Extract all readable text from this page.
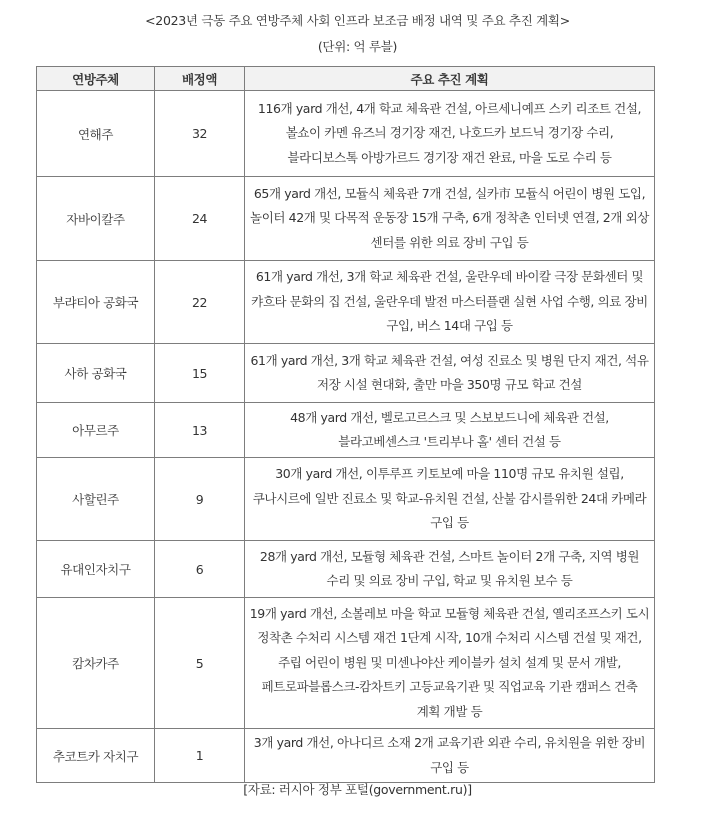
<2023년 극동 주요 연방주체 사회 인프라 보조금 배정 내역 및 주요 추진 계획>
(단위: 억 루블)
연방주체	배정액	주요 추진 계획
연해주	32	116개 yard 개선, 4개 학교 체육관 건설, 아르세니예프 스키 리조트 건설, 볼쇼이 카멘 유즈늬 경기장 재건, 나호드카 보드닉 경기장 수리, 블라디보스톡 아방가르드 경기장 재건 완료, 마을 도로 수리 등
자바이칼주	24	65개 yard 개선, 모듈식 체육관 7개 건설, 실카市 모듈식 어린이 병원 도입, 놀이터 42개 및 다목적 운동장 15개 구축, 6개 정착촌 인터넷 연결, 2개 외상 센터를 위한 의료 장비 구입 등
부랴티아 공화국	22	61개 yard 개선, 3개 학교 체육관 건설, 울란우데 바이칼 극장 문화센터 및 캬흐타 문화의 집 건설, 울란우데 발전 마스터플랜 실현 사업 수행, 의료 장비 구입, 버스 14대 구입 등
사하 공화국	15	61개 yard 개선, 3개 학교 체육관 건설, 여성 진료소 및 병원 단지 재건, 석유 저장 시설 현대화, 출만 마을 350명 규모 학교 건설
아무르주	13	48개 yard 개선, 벨로고르스크 및 스보보드니에 체육관 건설, 블라고베센스크 '트리부나 홀' 센터 건설 등
사할린주	9	30개 yard 개선, 이투루프 키토보예 마을 110명 규모 유치원 설립, 쿠나시르에 일반 진료소 및 학교-유치원 건설, 산불 감시를위한 24대 카메라 구입 등
유대인자치구	6	28개 yard 개선, 모듈형 체육관 건설, 스마트 놀이터 2개 구축, 지역 병원 수리 및 의료 장비 구입, 학교 및 유치원 보수 등
캄차카주	5	19개 yard 개선, 소볼레보 마을 학교 모듈형 체육관 건설, 옐리조프스키 도시 정착촌 수처리 시스템 재건 1단계 시작, 10개 수처리 시스템 건설 및 재건, 주립 어린이 병원 및 미센나야산 케이블카 설치 설계 및 문서 개발, 페트로파블롭스크-캄차트키 고등교육기관 및 직업교육 기관 캠퍼스 건축 계획 개발 등
추코트카 자치구	1	3개 yard 개선, 아나디르 소재 2개 교육기관 외관 수리, 유치원을 위한 장비 구입 등
[자료: 러시아 정부 포털(government.ru)]
